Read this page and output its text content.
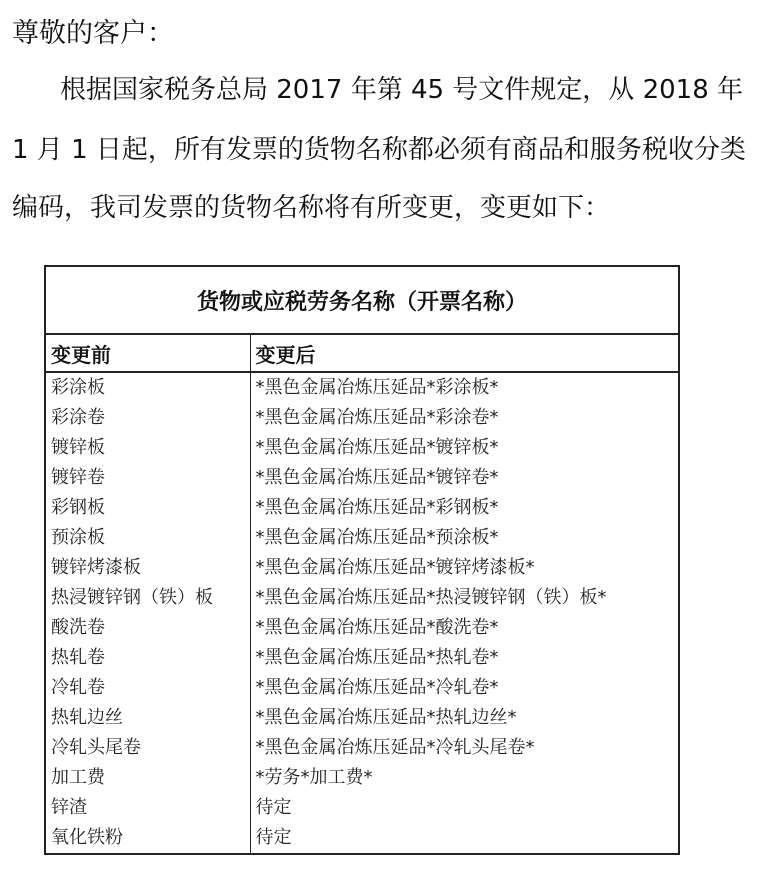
尊敬的客户：
根据国家税务总局 2017 年第 45 号文件规定，从 2018 年
1 月 1 日起，所有发票的货物名称都必须有商品和服务税收分类
编码，我司发票的货物名称将有所变更，变更如下：
货物或应税劳务名称（开票名称）	
变更前	变更后
彩涂板	*黑色金属冶炼压延品*彩涂板*
彩涂卷	*黑色金属冶炼压延品*彩涂卷*
镀锌板	*黑色金属冶炼压延品*镀锌板*
镀锌卷	*黑色金属冶炼压延品*镀锌卷*
彩钢板	*黑色金属冶炼压延品*彩钢板*
预涂板	*黑色金属冶炼压延品*预涂板*
镀锌烤漆板	*黑色金属冶炼压延品*镀锌烤漆板*
热浸镀锌钢（铁）板	*黑色金属冶炼压延品*热浸镀锌钢（铁）板*
酸洗卷	*黑色金属冶炼压延品*酸洗卷*
热轧卷	*黑色金属冶炼压延品*热轧卷*
冷轧卷	*黑色金属冶炼压延品*冷轧卷*
热轧边丝	*黑色金属冶炼压延品*热轧边丝*
冷轧头尾卷	*黑色金属冶炼压延品*冷轧头尾卷*
加工费	*劳务*加工费*
锌渣	待定
氧化铁粉	待定
